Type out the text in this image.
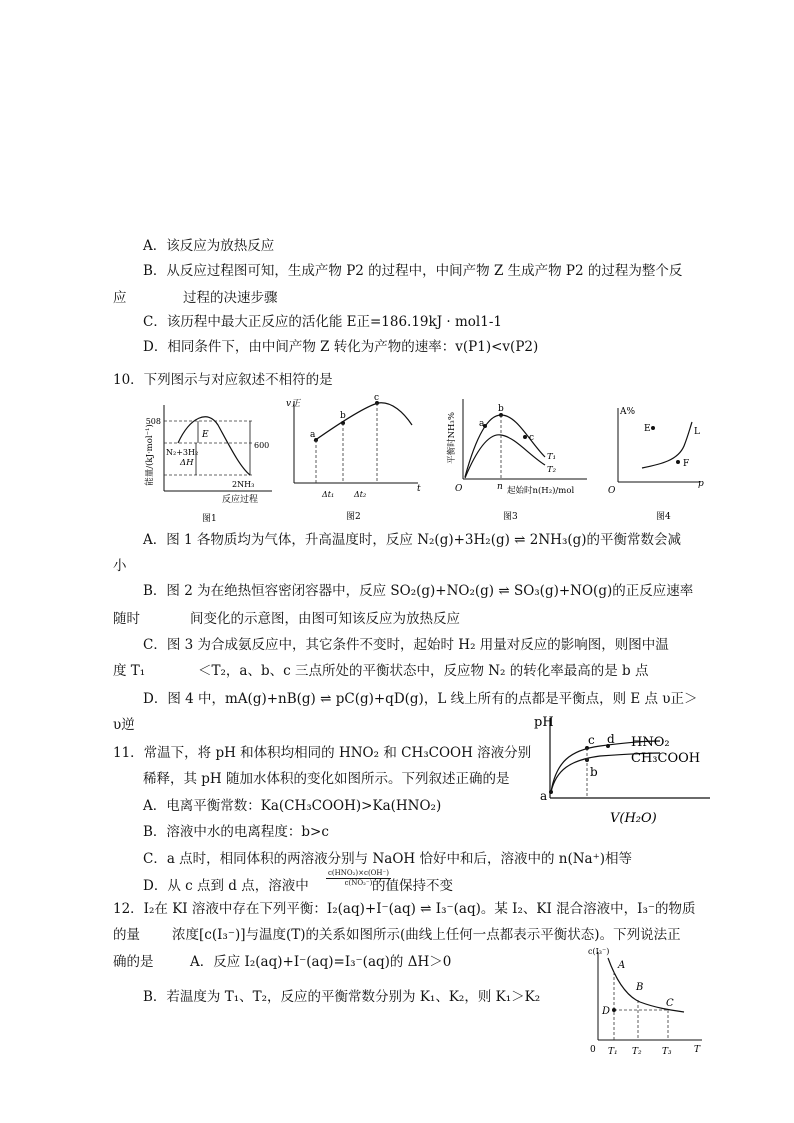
A．该反应为放热反应
B．从反应过程图可知，生成产物 P2 的过程中，中间产物 Z 生成产物 P2 的过程为整个反
应	过程的决速步骤
C．该历程中最大正反应的活化能 E正=186.19kJ · mol1-1
D．相同条件下，由中间产物 Z 转化为产物的速率：v(P1)<v(P2)
10．下列图示与对应叙述不相符的是
能量/(kJ·mol⁻¹)
508
600
E
ΔH
N₂+3H₂
2NH₃
反应过程
图1
v正
t
a
b
c
Δt₁ Δt₂
图2
平衡时NH₃% a
b
c
T₁
T₂
O	n 起始时n(H₂)/mol
图3
A%
E	L
F
O
p
图4
A．图 1 各物质均为气体，升高温度时，反应 N₂(g)+3H₂(g) ⇌ 2NH₃(g)的平衡常数会减
小
B．图 2 为在绝热恒容密闭容器中，反应 SO₂(g)+NO₂(g) ⇌ SO₃(g)+NO(g)的正反应速率
随时	间变化的示意图，由图可知该反应为放热反应
C．图 3 为合成氨反应中，其它条件不变时，起始时 H₂ 用量对反应的影响图，则图中温
度 T₁	＜T₂，a、b、c 三点所处的平衡状态中，反应物 N₂ 的转化率最高的是 b 点
D．图 4 中，mA(g)+nB(g) ⇌ pC(g)+qD(g)，L 线上所有的点都是平衡点，则 E 点 υ正＞
υ逆	pH
V(H₂O)
a
b
c d HNO₂
CH₃COOH
11．常温下，将 pH 和体积均相同的 HNO₂ 和 CH₃COOH 溶液分别
稀释，其 pH 随加水体积的变化如图所示。下列叙述正确的是
A．电离平衡常数：Ka(CH₃COOH)>Ka(HNO₂)
B．溶液中水的电离程度：b>c
C．a 点时，相同体积的两溶液分别与 NaOH 恰好中和后，溶液中的 n(Na⁺)相等
D．从 c 点到 d 点，溶液中
c(HNO₂)×c(OH⁻)
c(NO₂⁻) 的值保持不变
12．I₂在 KI 溶液中存在下列平衡：I₂(aq)+I⁻(aq) ⇌ I₃⁻(aq)。某 I₂、KI 混合溶液中，I₃⁻的物质
的量 浓度[c(I₃⁻)]与温度(T)的关系如图所示(曲线上任何一点都表示平衡状态)。下列说法正
确的是	A．反应 I₂(aq)+I⁻(aq)=I₃⁻(aq)的 ΔH＞0
B．若温度为 T₁、T₂，反应的平衡常数分别为 K₁、K₂，则 K₁＞K₂
c(I₃⁻)
A
B
C
D
0 T₁ T₂ T₃ T
